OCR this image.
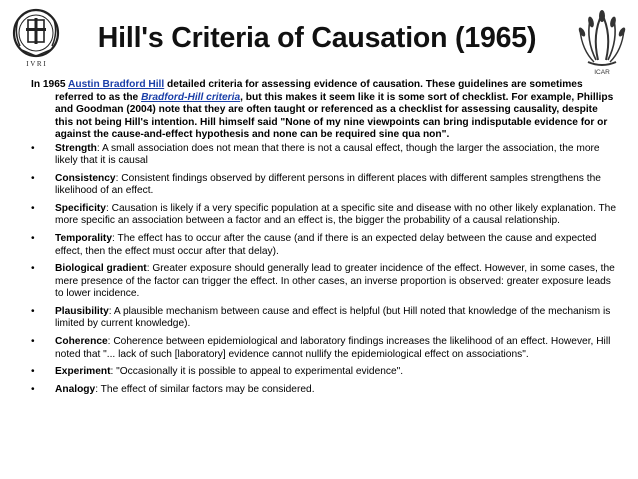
I V R I
ICAR
Hill's Criteria of Causation (1965)

In 1965 Austin Bradford Hill detailed criteria for assessing evidence of causation. These guidelines are sometimes referred to as the Bradford-Hill criteria, but this makes it seem like it is some sort of checklist. For example, Phillips and Goodman (2004) note that they are often taught or referenced as a checklist for assessing causality, despite this not being Hill's intention. Hill himself said "None of my nine viewpoints can bring indisputable evidence for or against the cause-and-effect hypothesis and none can be required sine qua non".

•	Strength: A small association does not mean that there is not a causal effect, though the larger the association, the more likely that it is causal
•	Consistency: Consistent findings observed by different persons in different places with different samples strengthens the likelihood of an effect.
•	Specificity: Causation is likely if a very specific population at a specific site and disease with no other likely explanation. The more specific an association between a factor and an effect is, the bigger the probability of a causal relationship.
•	Temporality: The effect has to occur after the cause (and if there is an expected delay between the cause and expected effect, then the effect must occur after that delay).
•	Biological gradient: Greater exposure should generally lead to greater incidence of the effect. However, in some cases, the mere presence of the factor can trigger the effect. In other cases, an inverse proportion is observed: greater exposure leads to lower incidence.
•	Plausibility: A plausible mechanism between cause and effect is helpful (but Hill noted that knowledge of the mechanism is limited by current knowledge).
•	Coherence: Coherence between epidemiological and laboratory findings increases the likelihood of an effect. However, Hill noted that "... lack of such [laboratory] evidence cannot nullify the epidemiological effect on associations".
•	Experiment: "Occasionally it is possible to appeal to experimental evidence".
•	Analogy: The effect of similar factors may be considered.
